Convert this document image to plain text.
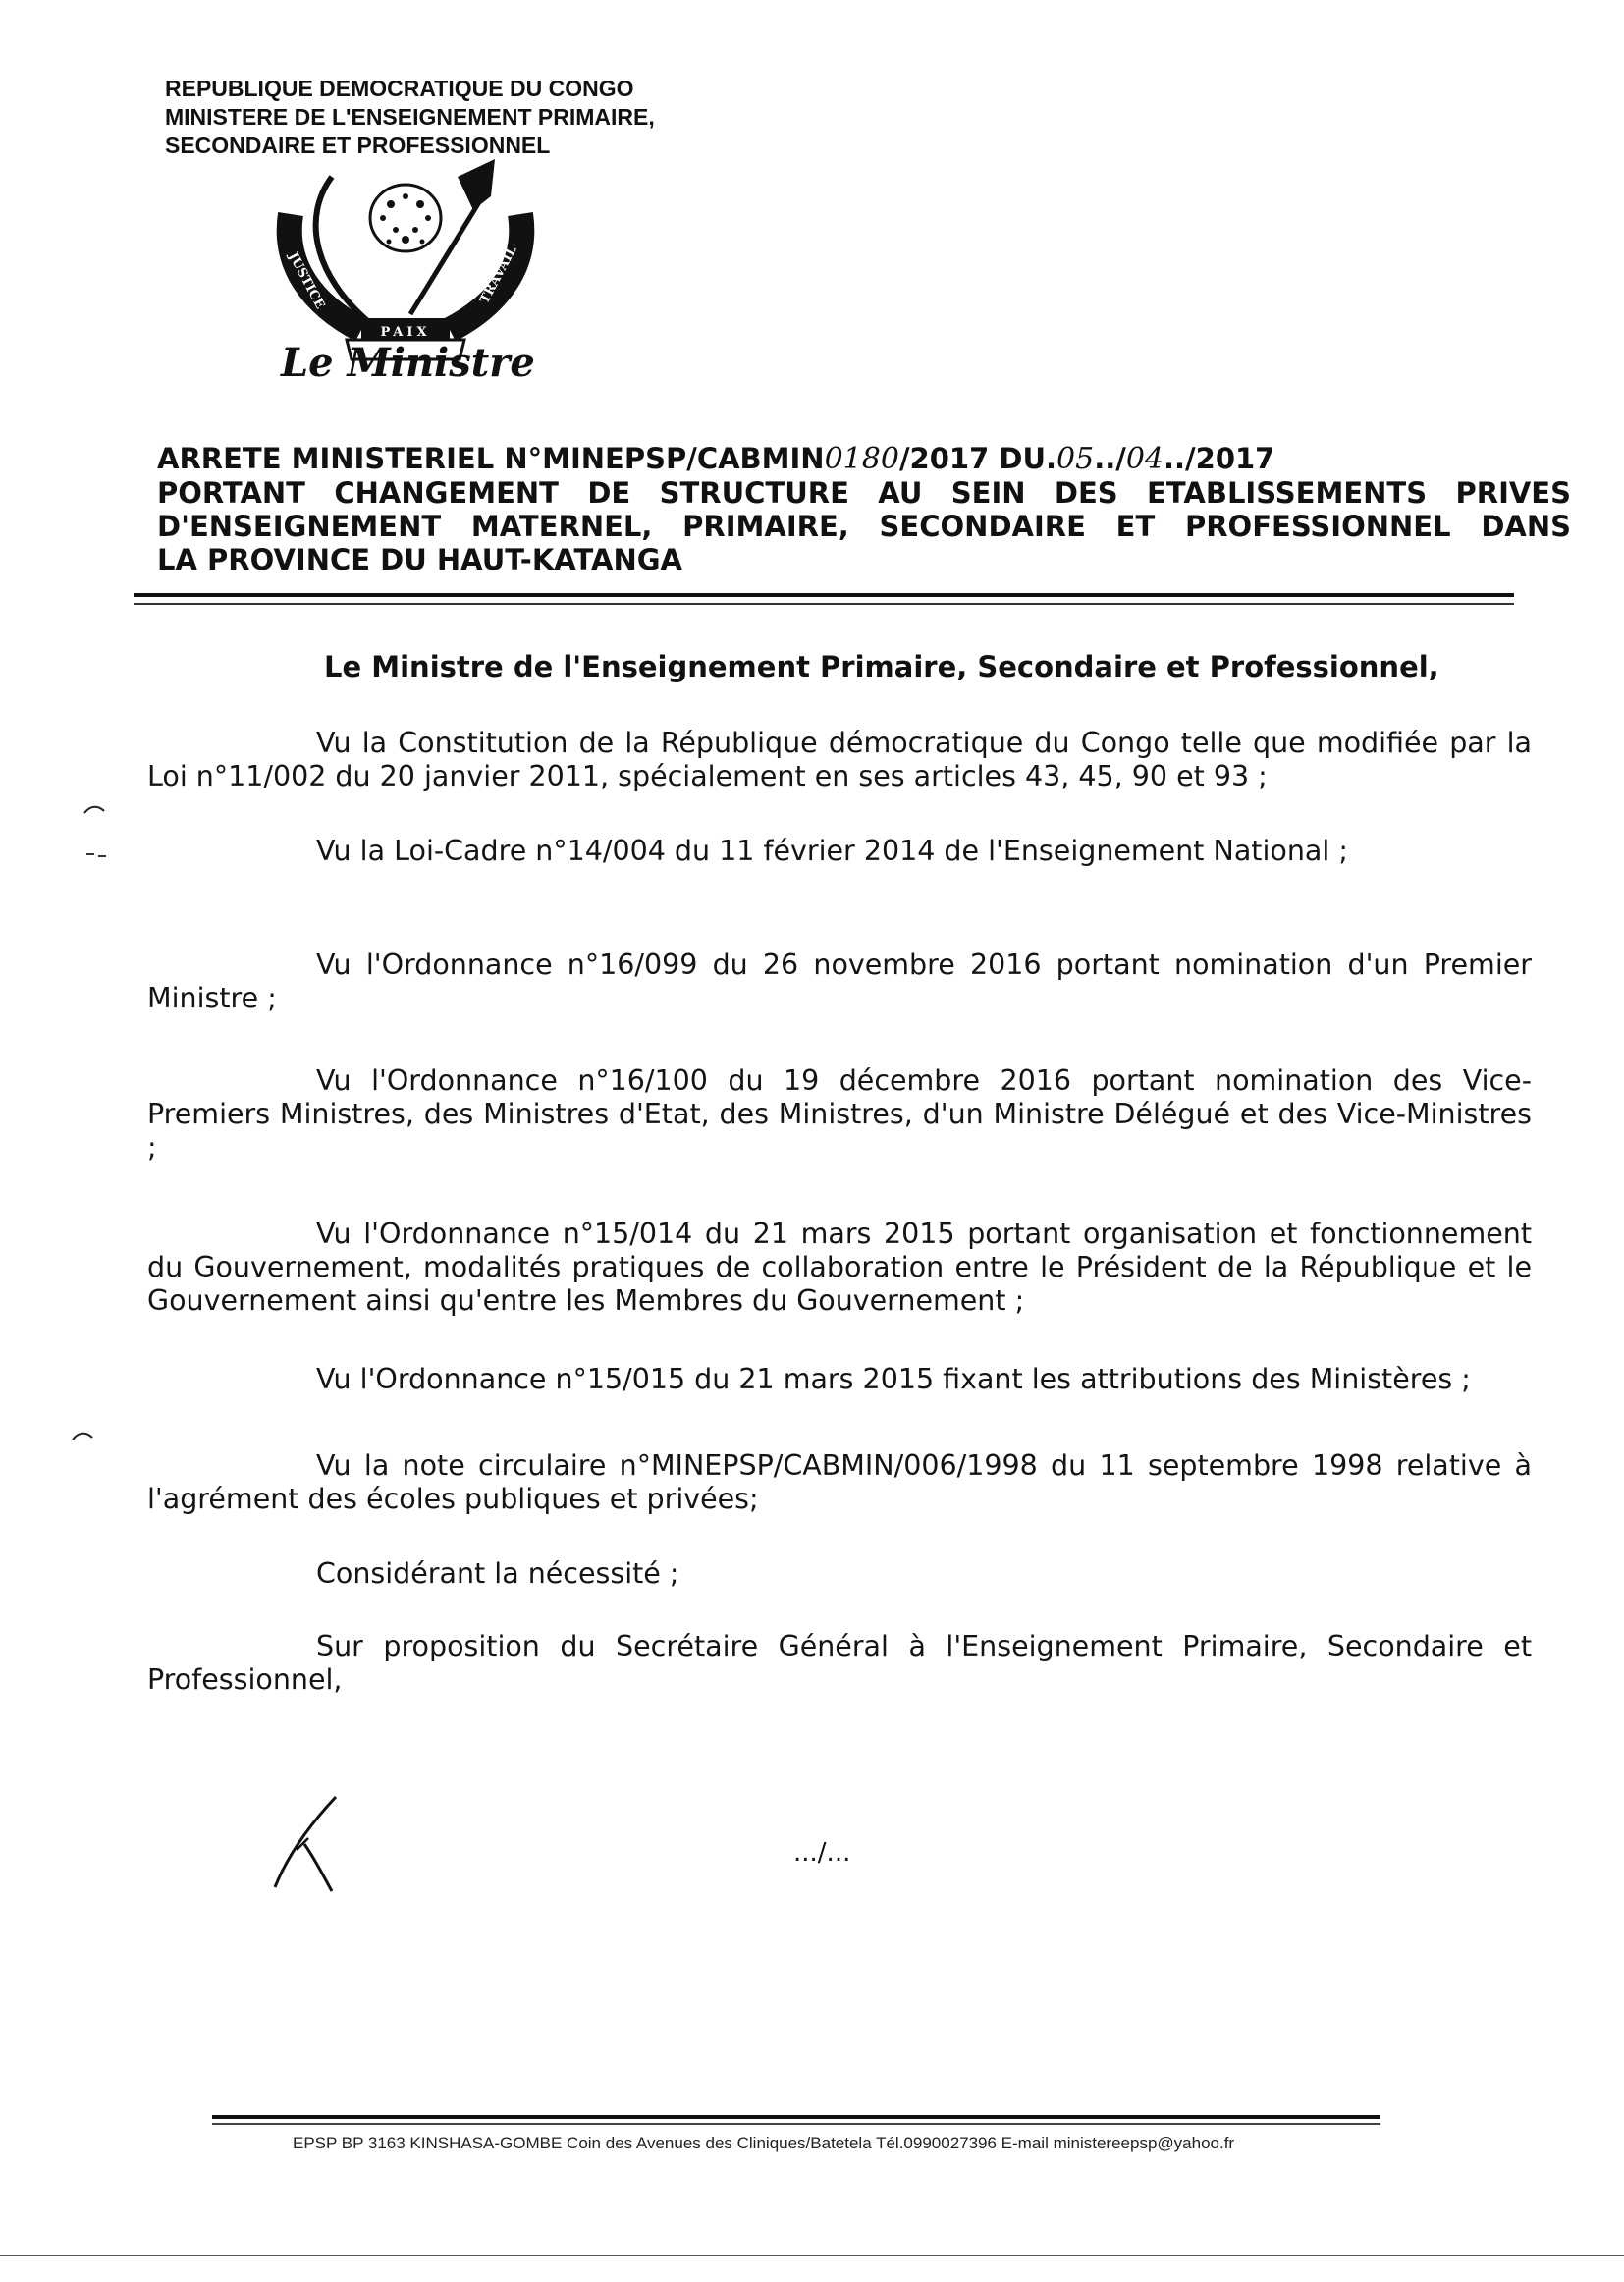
REPUBLIQUE DEMOCRATIQUE DU CONGO
MINISTERE DE L'ENSEIGNEMENT PRIMAIRE,
SECONDAIRE ET PROFESSIONNEL
JUSTICE
PAIX
TRAVAIL
Le Ministre
ARRETE MINISTERIEL N°MINEPSP/CABMIN0180/2017 DU.05../04../2017
PORTANT CHANGEMENT DE STRUCTURE AU SEIN DES ETABLISSEMENTS PRIVES
D'ENSEIGNEMENT MATERNEL, PRIMAIRE, SECONDAIRE ET PROFESSIONNEL DANS
LA PROVINCE DU HAUT-KATANGA
Le Ministre de l'Enseignement Primaire, Secondaire et Professionnel,

Vu la Constitution de la République démocratique du Congo telle que modifiée par la Loi n°11/002 du 20 janvier 2011, spécialement en ses articles 43, 45, 90 et 93 ;

Vu la Loi-Cadre n°14/004 du 11 février 2014 de l'Enseignement National ;

Vu l'Ordonnance n°16/099 du 26 novembre 2016 portant nomination d'un Premier Ministre ;

Vu l'Ordonnance n°16/100 du 19 décembre 2016 portant nomination des Vice-Premiers Ministres, des Ministres d'Etat, des Ministres, d'un Ministre Délégué et des Vice-Ministres ;

Vu l'Ordonnance n°15/014 du 21 mars 2015 portant organisation et fonctionnement du Gouvernement, modalités pratiques de collaboration entre le Président de la République et le Gouvernement ainsi qu'entre les Membres du Gouvernement ;

Vu l'Ordonnance n°15/015 du 21 mars 2015 fixant les attributions des Ministères ;

Vu la note circulaire n°MINEPSP/CABMIN/006/1998 du 11 septembre 1998 relative à l'agrément des écoles publiques et privées;

Considérant la nécessité ;

Sur proposition du Secrétaire Général à l'Enseignement Primaire, Secondaire et Professionnel,

.../...
EPSP BP 3163 KINSHASA-GOMBE Coin des Avenues des Cliniques/Batetela Tél.0990027396 E-mail ministereepsp@yahoo.fr
